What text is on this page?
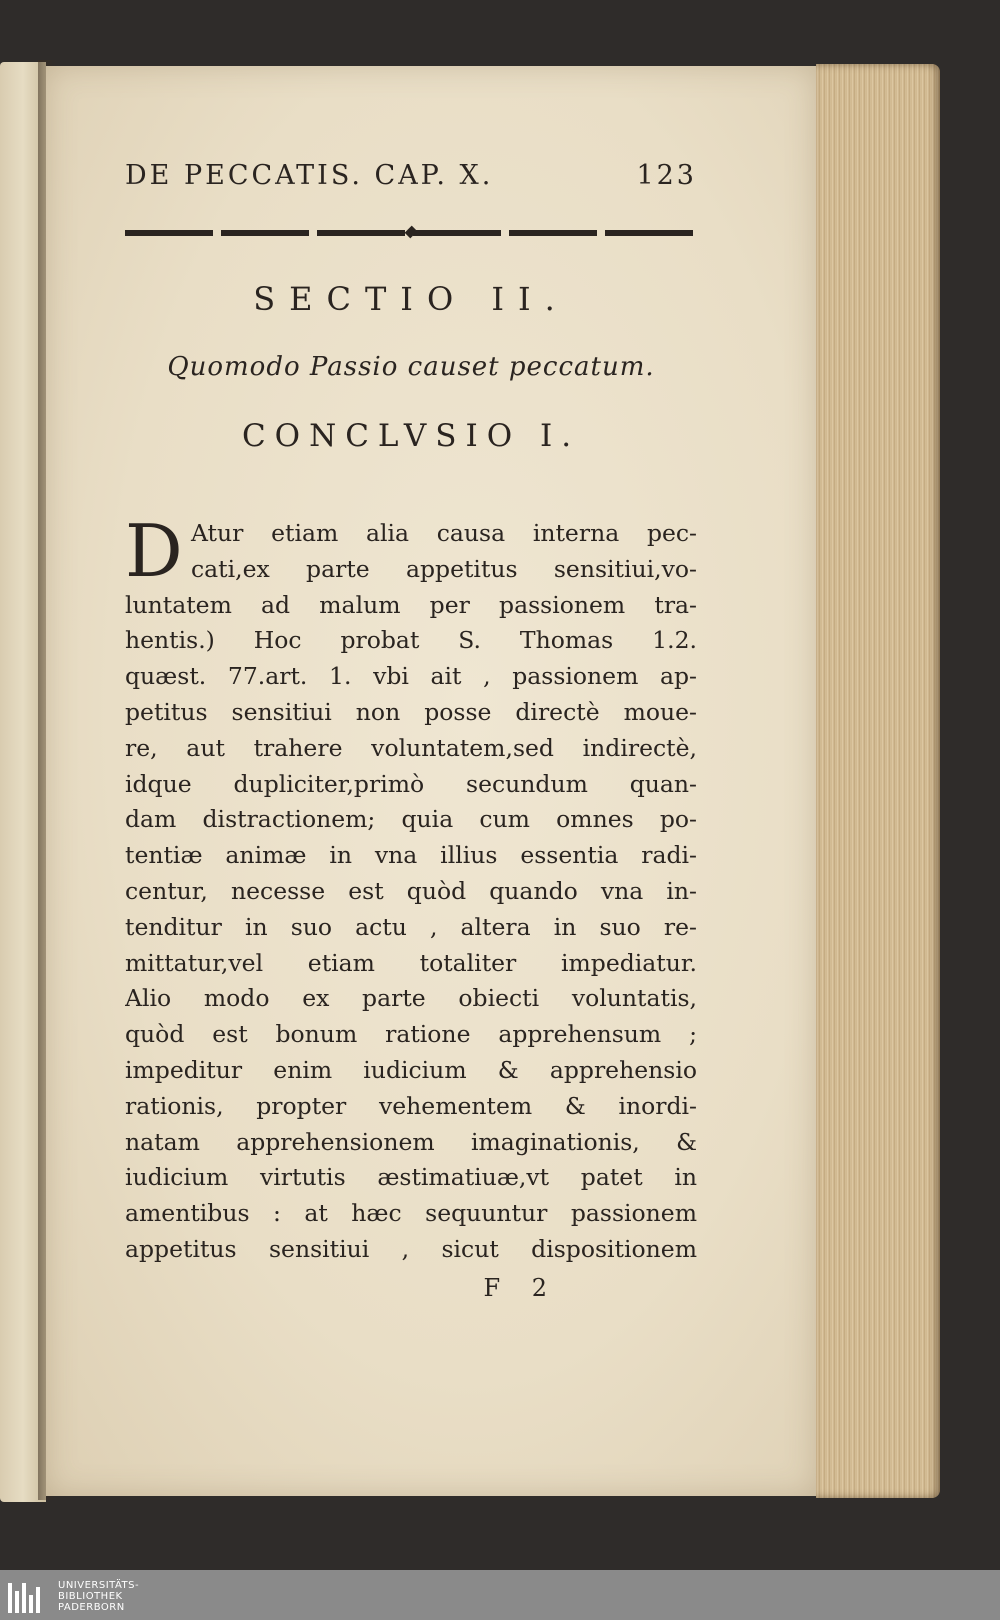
DE PECCATIS. CAP. X.	123
SECTIO II.
Quomodo Passio causet peccatum.
CONCLVSIO I.
D Atur etiam alia causa interna pec-
cati,ex parte appetitus sensitiui,vo-
luntatem ad malum per passionem tra-
hentis.) Hoc probat S. Thomas 1.2.
quæst. 77.art. 1. vbi ait , passionem ap-
petitus sensitiui non posse directè moue-
re, aut trahere voluntatem,sed indirectè,
idque dupliciter,primò secundum quan-
dam distractionem; quia cum omnes po-
tentiæ animæ in vna illius essentia radi-
centur, necesse est quòd quando vna in-
tenditur in suo actu , altera in suo re-
mittatur,vel etiam totaliter impediatur.
Alio modo ex parte obiecti voluntatis,
quòd est bonum ratione apprehensum ;
impeditur enim iudicium & apprehensio
rationis, propter vehementem & inordi-
natam apprehensionem imaginationis, &
iudicium virtutis æstimatiuæ,vt patet in
amentibus : at hæc sequuntur passionem
appetitus sensitiui , sicut dispositionem
F 2
UNIVERSITÄTS-
BIBLIOTHEK
PADERBORN
